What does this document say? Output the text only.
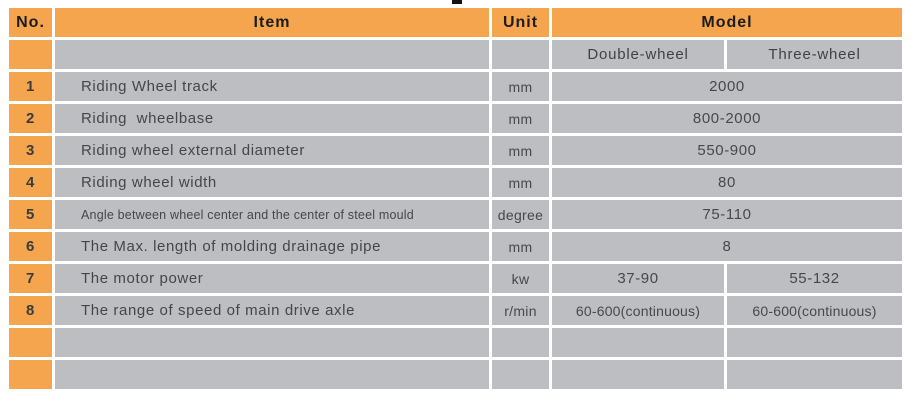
No.	Item	Unit	Model	
			Double-wheel	Three-wheel
1	Riding Wheel track	mm	2000	
2	Riding  wheelbase	mm	800-2000	
3	Riding wheel external diameter	mm	550-900	
4	Riding wheel width	mm	80	
5	Angle between wheel center and the center of steel mould	degree	75-110	
6	The Max. length of molding drainage pipe	mm	8	
7	The motor power	kw	37-90	55-132
8	The range of speed of main drive axle	r/min	60-600(continuous)	60-600(continuous)
